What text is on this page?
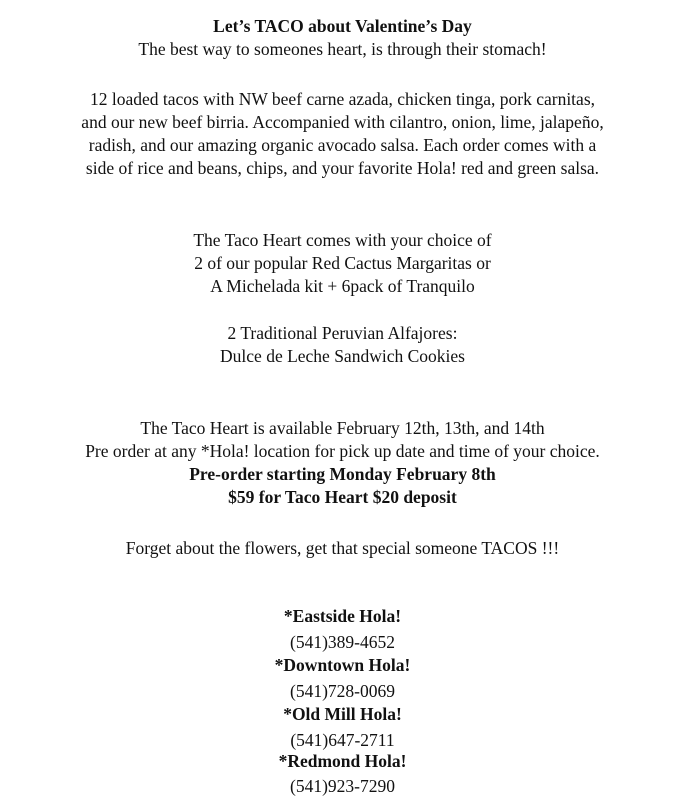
Let’s TACO about Valentine’s Day
The best way to someones heart, is through their stomach!
12 loaded tacos with NW beef carne azada, chicken tinga, pork carnitas,
and our new beef birria. Accompanied with cilantro, onion, lime, jalapeño,
radish, and our amazing organic avocado salsa. Each order comes with a
side of rice and beans, chips, and your favorite Hola! red and green salsa.
The Taco Heart comes with your choice of
2 of our popular Red Cactus Margaritas or
A Michelada kit + 6pack of Tranquilo
2 Traditional Peruvian Alfajores:
Dulce de Leche Sandwich Cookies
The Taco Heart is available February 12th, 13th, and 14th
Pre order at any *Hola! location for pick up date and time of your choice.
Pre-order starting Monday February 8th
$59 for Taco Heart $20 deposit
Forget about the flowers, get that special someone TACOS !!!
*Eastside Hola!
(541)389-4652
*Downtown Hola!
(541)728-0069
*Old Mill Hola!
(541)647-2711
*Redmond Hola!
(541)923-7290
